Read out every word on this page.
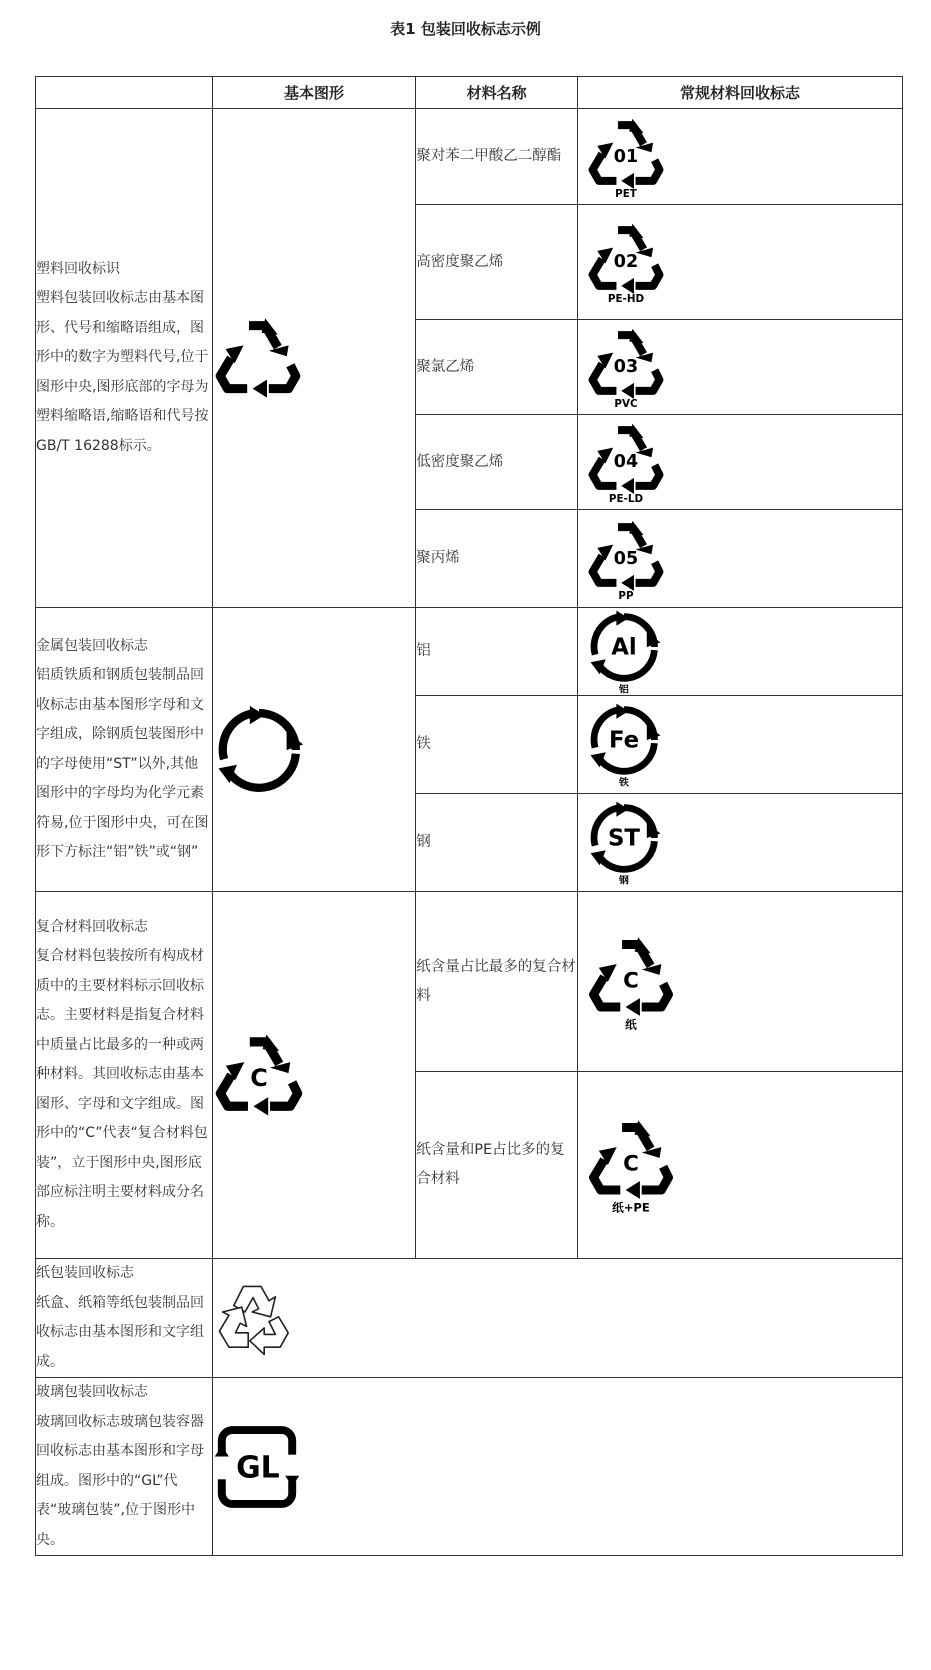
表1 包装回收标志示例
	基本图形	材料名称	常规材料回收标志

塑料回收标识
塑料包装回收标志由基本图形、代号和缩略语组成，图形中的数字为塑料代号,位于图形中央,图形底部的字母为塑料缩略语,缩略语和代号按GB/T 16288标示。		聚对苯二甲酸乙二醇酯	01
PET

		高密度聚乙烯	02
PE-HD

		聚氯乙烯	03
PVC

		低密度聚乙烯	04
PE-LD

		聚丙烯	05
PP

金属包装回收标志
铝质铁质和钢质包装制品回收标志由基本图形字母和文字组成，除钢质包装图形中的字母使用“ST”以外,其他图形中的字母均为化学元素符易,位于图形中央，可在图形下方标注“铝”铁”或“钢”		铝	Al
铝

		铁	Fe
铁

		钢	ST
钢

复合材料回收标志
复合材料包装按所有构成材质中的主要材料标示回收标志。主要材料是指复合材料中质量占比最多的一种或两种材料。其回收标志由基本图形、字母和文字组成。图形中的“C”代表“复合材料包装”，立于图形中央,图形底部应标注明主要材料成分名称。	C	纸含量占比最多的复合材料	C
纸

		纸含量和PE占比多的复合材料	C
纸+PE

纸包装回收标志
纸盒、纸箱等纸包装制品回收标志由基本图形和文字组成。

玻璃包装回收标志
玻璃回收标志玻璃包装容器回收标志由基本图形和字母组成。图形中的“GL”代表“玻璃包装”,位于图形中央。	GL		
